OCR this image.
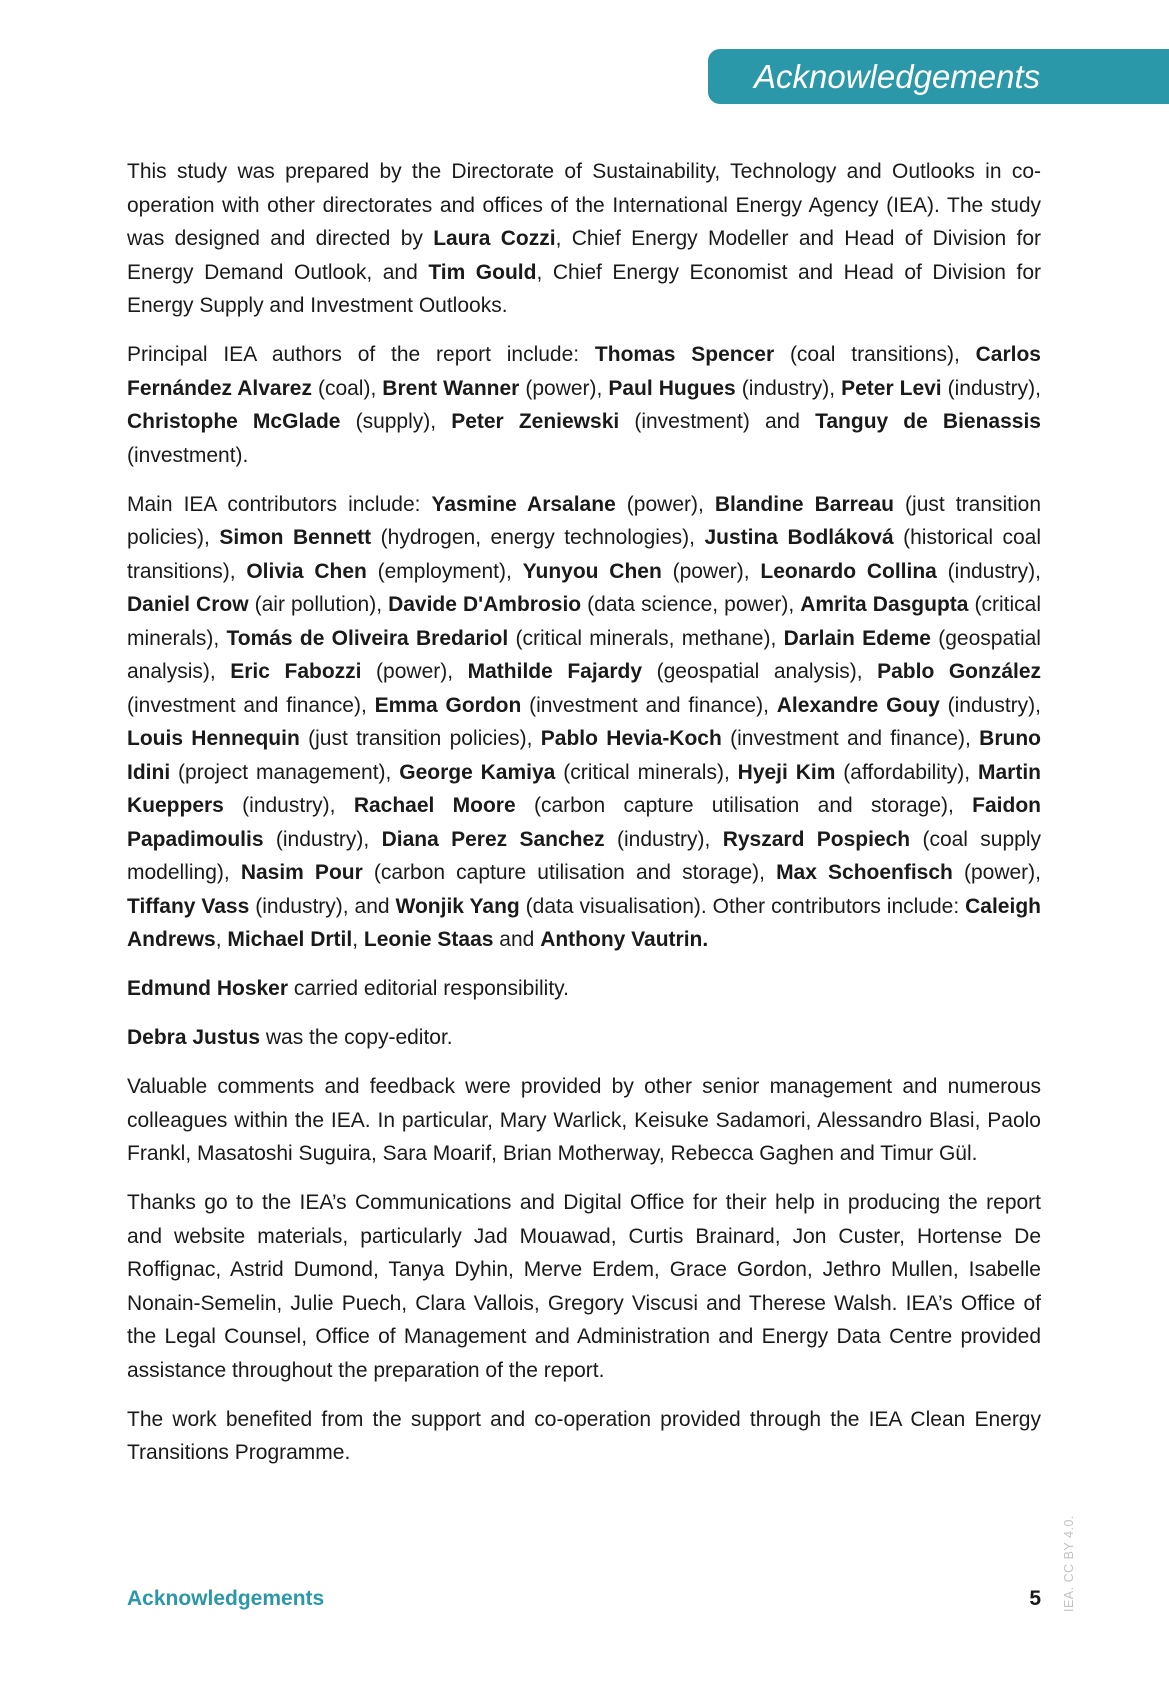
Acknowledgements

This study was prepared by the Directorate of Sustainability, Technology and Outlooks in co-operation with other directorates and offices of the International Energy Agency (IEA). The study was designed and directed by Laura Cozzi, Chief Energy Modeller and Head of Division for Energy Demand Outlook, and Tim Gould, Chief Energy Economist and Head of Division for Energy Supply and Investment Outlooks.

Principal IEA authors of the report include: Thomas Spencer (coal transitions), Carlos Fernández Alvarez (coal), Brent Wanner (power), Paul Hugues (industry), Peter Levi (industry), Christophe McGlade (supply), Peter Zeniewski (investment) and Tanguy de Bienassis (investment).

Main IEA contributors include: Yasmine Arsalane (power), Blandine Barreau (just transition policies), Simon Bennett (hydrogen, energy technologies), Justina Bodláková (historical coal transitions), Olivia Chen (employment), Yunyou Chen (power), Leonardo Collina (industry), Daniel Crow (air pollution), Davide D'Ambrosio (data science, power), Amrita Dasgupta (critical minerals), Tomás de Oliveira Bredariol (critical minerals, methane), Darlain Edeme (geospatial analysis), Eric Fabozzi (power), Mathilde Fajardy (geospatial analysis), Pablo González (investment and finance), Emma Gordon (investment and finance), Alexandre Gouy (industry), Louis Hennequin (just transition policies), Pablo Hevia-Koch (investment and finance), Bruno Idini (project management), George Kamiya (critical minerals), Hyeji Kim (affordability), Martin Kueppers (industry), Rachael Moore (carbon capture utilisation and storage), Faidon Papadimoulis (industry), Diana Perez Sanchez (industry), Ryszard Pospiech (coal supply modelling), Nasim Pour (carbon capture utilisation and storage), Max Schoenfisch (power), Tiffany Vass (industry), and Wonjik Yang (data visualisation). Other contributors include: Caleigh Andrews, Michael Drtil, Leonie Staas and Anthony Vautrin.

Edmund Hosker carried editorial responsibility.

Debra Justus was the copy-editor.

Valuable comments and feedback were provided by other senior management and numerous colleagues within the IEA. In particular, Mary Warlick, Keisuke Sadamori, Alessandro Blasi, Paolo Frankl, Masatoshi Suguira, Sara Moarif, Brian Motherway, Rebecca Gaghen and Timur Gül.

Thanks go to the IEA’s Communications and Digital Office for their help in producing the report and website materials, particularly Jad Mouawad, Curtis Brainard, Jon Custer, Hortense De Roffignac, Astrid Dumond, Tanya Dyhin, Merve Erdem, Grace Gordon, Jethro Mullen, Isabelle Nonain-Semelin, Julie Puech, Clara Vallois, Gregory Viscusi and Therese Walsh. IEA’s Office of the Legal Counsel, Office of Management and Administration and Energy Data Centre provided assistance throughout the preparation of the report.

The work benefited from the support and co-operation provided through the IEA Clean Energy Transitions Programme.

Acknowledgements	5 IEA. CC BY 4.0.
